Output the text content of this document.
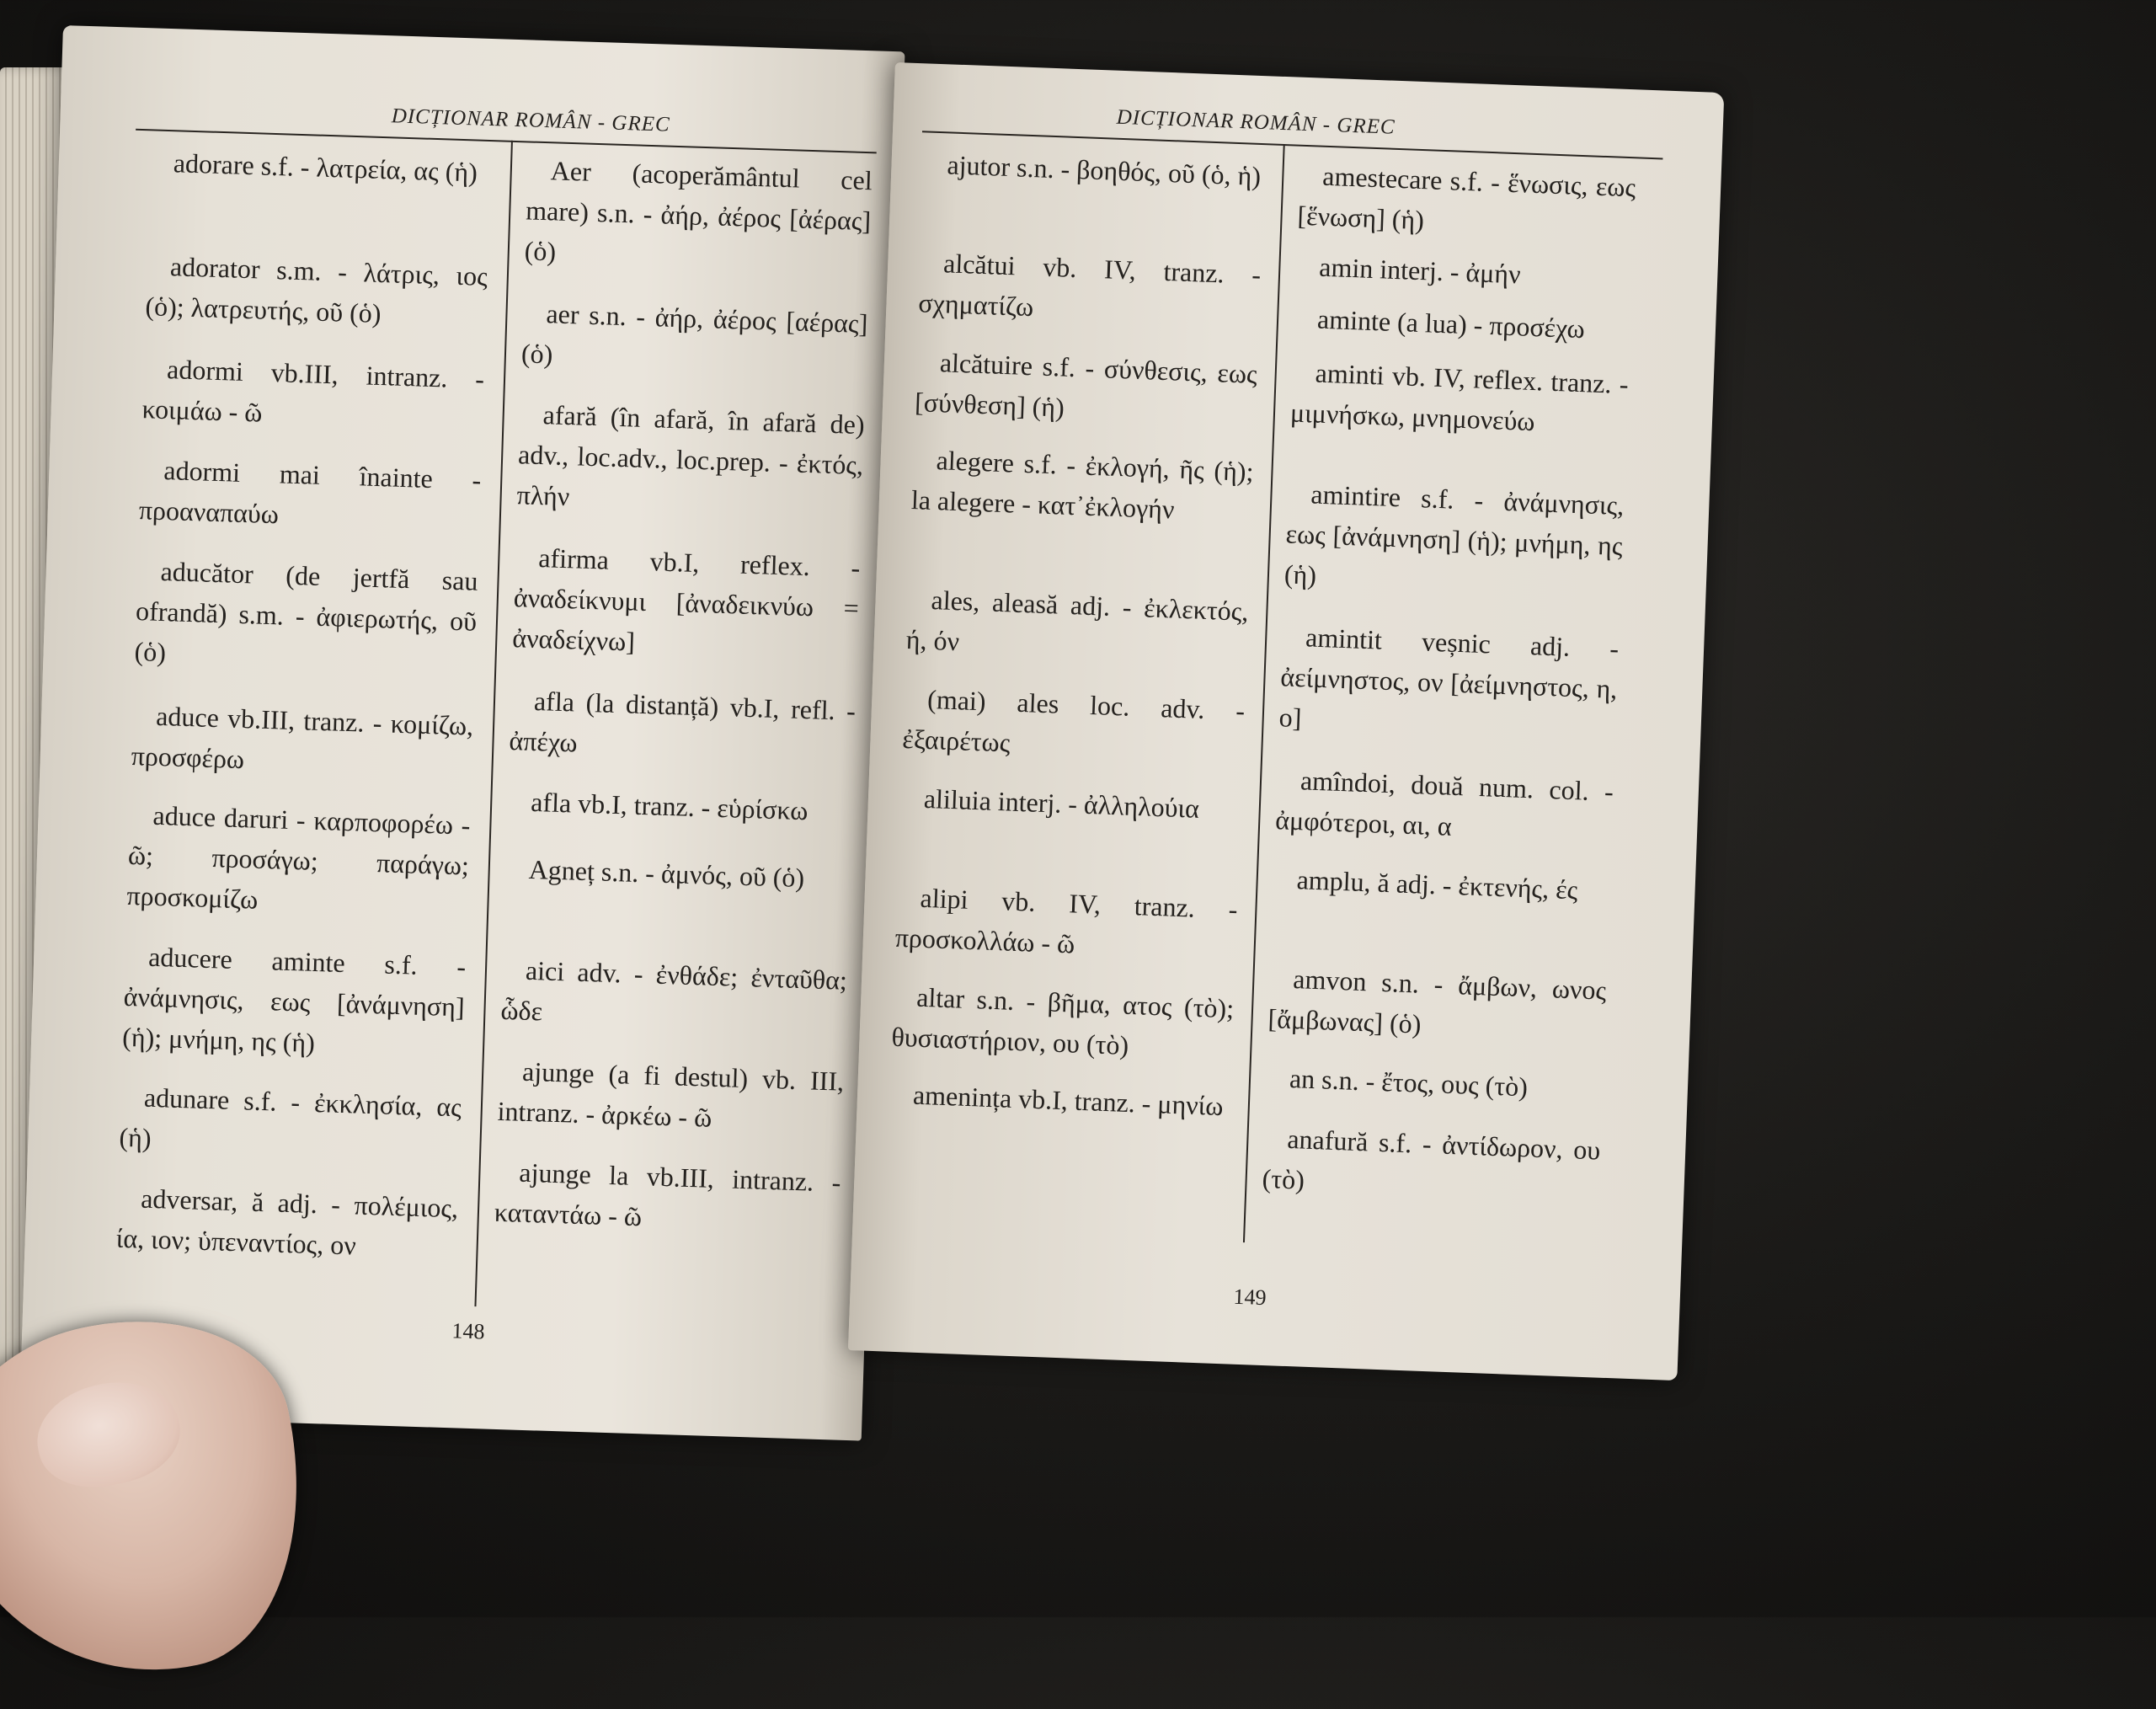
DICȚIONAR ROMÂN - GREC
adorare s.f. - λατρεία, ας (ἡ)
adorator s.m. - λάτρις, ιος (ὁ); λατρευτής, οῦ (ὁ)
adormi vb.III, intranz. - κοιμάω - ῶ
adormi mai înainte - προαναπαύω
aducător (de jertfă sau ofrandă) s.m. - ἀφιερωτής, οῦ (ὁ)
aduce vb.III, tranz. - κομίζω, προσφέρω
aduce daruri - καρποφορέω - ῶ; προσάγω; παράγω; προσκομίζω
aducere aminte s.f. - ἀνάμνησις, εως [ἀνάμνηση] (ἡ); μνήμη, ης (ἡ)
adunare s.f. - ἐκκλησία, ας (ἡ)
adversar, ă adj. - πολέμιος, ία, ιον; ὑπεναντίος, ον
Aer (acoperământul cel mare) s.n. - ἀήρ, ἀέρος [ἀέρας] (ὁ)
aer s.n. - ἀήρ, ἀέρος [αέρας] (ὁ)
afară (în afară, în afară de) adv., loc.adv., loc.prep. - ἐκτός, πλήν
afirma vb.I, reflex. - ἀναδείκνυμι [ἀναδεικνύω = ἀναδείχνω]
afla (la distanță) vb.I, refl. - ἀπέχω
afla vb.I, tranz. - εὑρίσκω
Agneț s.n. - ἀμνός, οῦ (ὁ)
aici adv. - ἐνθάδε; ἐνταῦθα; ὧδε
ajunge (a fi destul) vb. III, intranz. - ἀρκέω - ῶ
ajunge la vb.III, intranz. - καταντάω - ῶ
148
DICȚIONAR ROMÂN - GREC
ajutor s.n. - βοηθός, οῦ (ὁ, ἡ)
alcătui vb. IV, tranz. - σχηματίζω
alcătuire s.f. - σύνθεσις, εως [σύνθεση] (ἡ)
alegere s.f. - ἐκλογή, ῆς (ἡ); la alegere - κατ᾽ἐκλογήν
ales, aleasă adj. - ἐκλεκτός, ή, όν
(mai) ales loc. adv. - ἐξαιρέτως
aliluia interj. - ἀλληλούια
alipi vb. IV, tranz. - προσκολλάω - ῶ
altar s.n. - βῆμα, ατος (τὸ); θυσιαστήριον, ου (τὸ)
amenința vb.I, tranz. - μηνίω
amestecare s.f. - ἕνωσις, εως [ἕνωση] (ἡ)
amin interj. - ἀμήν
aminte (a lua) - προσέχω
aminti vb. IV, reflex. tranz. - μιμνήσκω, μνημονεύω
amintire s.f. - ἀνάμνησις, εως [ἀνάμνηση] (ἡ); μνήμη, ης (ἡ)
amintit veșnic adj. - ἀείμνηστος, ον [ἀείμνηστος, η, ο]
amîndoi, două num. col. - ἀμφότεροι, αι, α
amplu, ă adj. - ἐκτενής, ές
amvon s.n. - ἄμβων, ωνος [ἄμβωνας] (ὁ)
an s.n. - ἔτος, ους (τὸ)
anafură s.f. - ἀντίδωρον, ου (τὸ)
149
